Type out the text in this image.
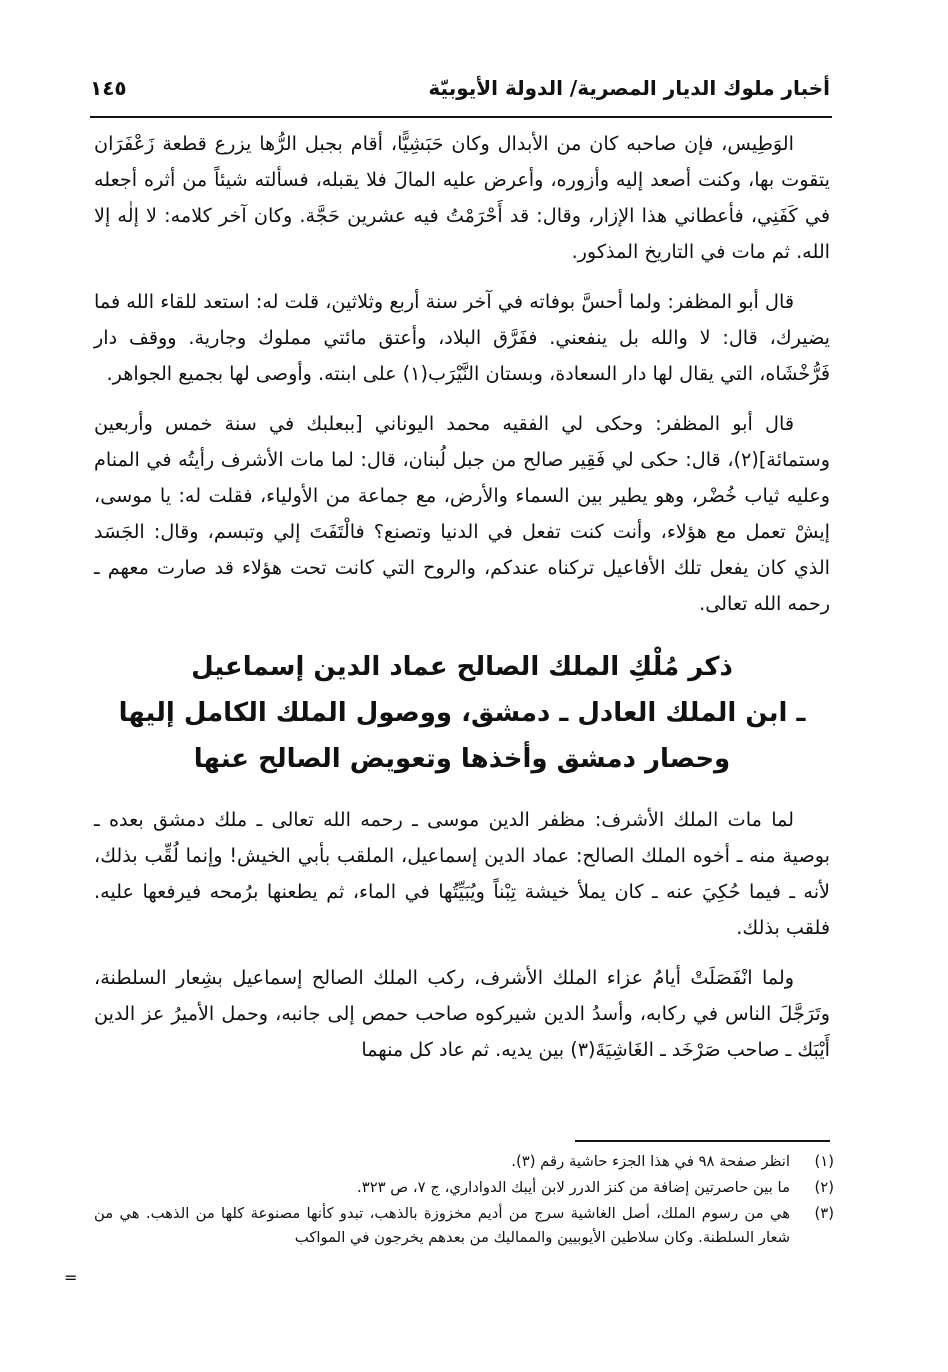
أخبار ملوك الديار المصرية/ الدولة الأيوبيّة
١٤٥

الوَطِيس، فإن صاحبه كان من الأبدال وكان حَبَشِيًّا، أقام بجبل الرُّها يزرع قطعة زَعْفَرَان يتقوت بها، وكنت أصعد إليه وأزوره، وأعرض عليه المالَ فلا يقبله، فسألته شيئاً من أثره أجعله في كَفَنِي، فأعطاني هذا الإزار، وقال: قد أَحْرَمْتُ فيه عشرين حَجَّة. وكان آخر كلامه: لا إلٰه إلا الله. ثم مات في التاريخ المذكور.

قال أبو المظفر: ولما أحسَّ بوفاته في آخر سنة أربع وثلاثين، قلت له: استعد للقاء الله فما يضيرك، قال: لا والله بل ينفعني. ففَرَّق البلاد، وأعتق مائتي مملوك وجارية. ووقف دار فَرُّخْشَاه، التي يقال لها دار السعادة، وبستان النَّيْرَب(١) على ابنته. وأوصى لها بجميع الجواهر.

قال أبو المظفر: وحكى لي الفقيه محمد اليوناني [ببعلبك في سنة خمس وأربعين وستمائة](٢)، قال: حكى لي فَقِير صالح من جبل لُبنان، قال: لما مات الأشرف رأيتُه في المنام وعليه ثياب خُضْر، وهو يطير بين السماء والأرض، مع جماعة من الأولياء، فقلت له: يا موسى، إيشْ تعمل مع هؤلاء، وأنت كنت تفعل في الدنيا وتصنع؟ فالْتَفَتَ إلي وتبسم، وقال: الجَسَد الذي كان يفعل تلك الأفاعيل تركناه عندكم، والروح التي كانت تحت هؤلاء قد صارت معهم ـ رحمه الله تعالى.

ذكر مُلْكِ الملك الصالح عماد الدين إسماعيل
ـ ابن الملك العادل ـ دمشق، ووصول الملك الكامل إليها
وحصار دمشق وأخذها وتعويض الصالح عنها

لما مات الملك الأشرف: مظفر الدين موسى ـ رحمه الله تعالى ـ ملك دمشق بعده ـ بوصية منه ـ أخوه الملك الصالح: عماد الدين إسماعيل، الملقب بأبي الخيش! وإنما لُقِّب بذلك، لأنه ـ فيما حُكِيَ عنه ـ كان يملأ خيشة تِبْناً ويُبَيِّتُها في الماء، ثم يطعنها برُمحه فيرفعها عليه. فلقب بذلك.

ولما انْفَصَلَتْ أيامُ عزاء الملك الأشرف، ركب الملك الصالح إسماعيل بشِعار السلطنة، وتَرَجَّلَ الناس في ركابه، وأسدُ الدين شيركوه صاحب حمص إلى جانبه، وحمل الأميرُ عز الدين أَيْبَك ـ صاحب صَرْخَد ـ الغَاشِيَةَ(٣) بين يديه. ثم عاد كل منهما

(١)
انظر صفحة ٩٨ في هذا الجزء حاشية رقم (٣).
(٢)
ما بين حاصرتين إضافة من كنز الدرر لابن أيبك الدواداري، ج ٧، ص ٣٢٣.
(٣)
هي من رسوم الملك، أصل الغاشية سرج من أديم مخزوزة بالذهب، تبدو كأنها مصنوعة كلها من الذهب. هي من شعار السلطنة. وكان سلاطين الأيوبيين والمماليك من بعدهم يخرجون في المواكب
=
